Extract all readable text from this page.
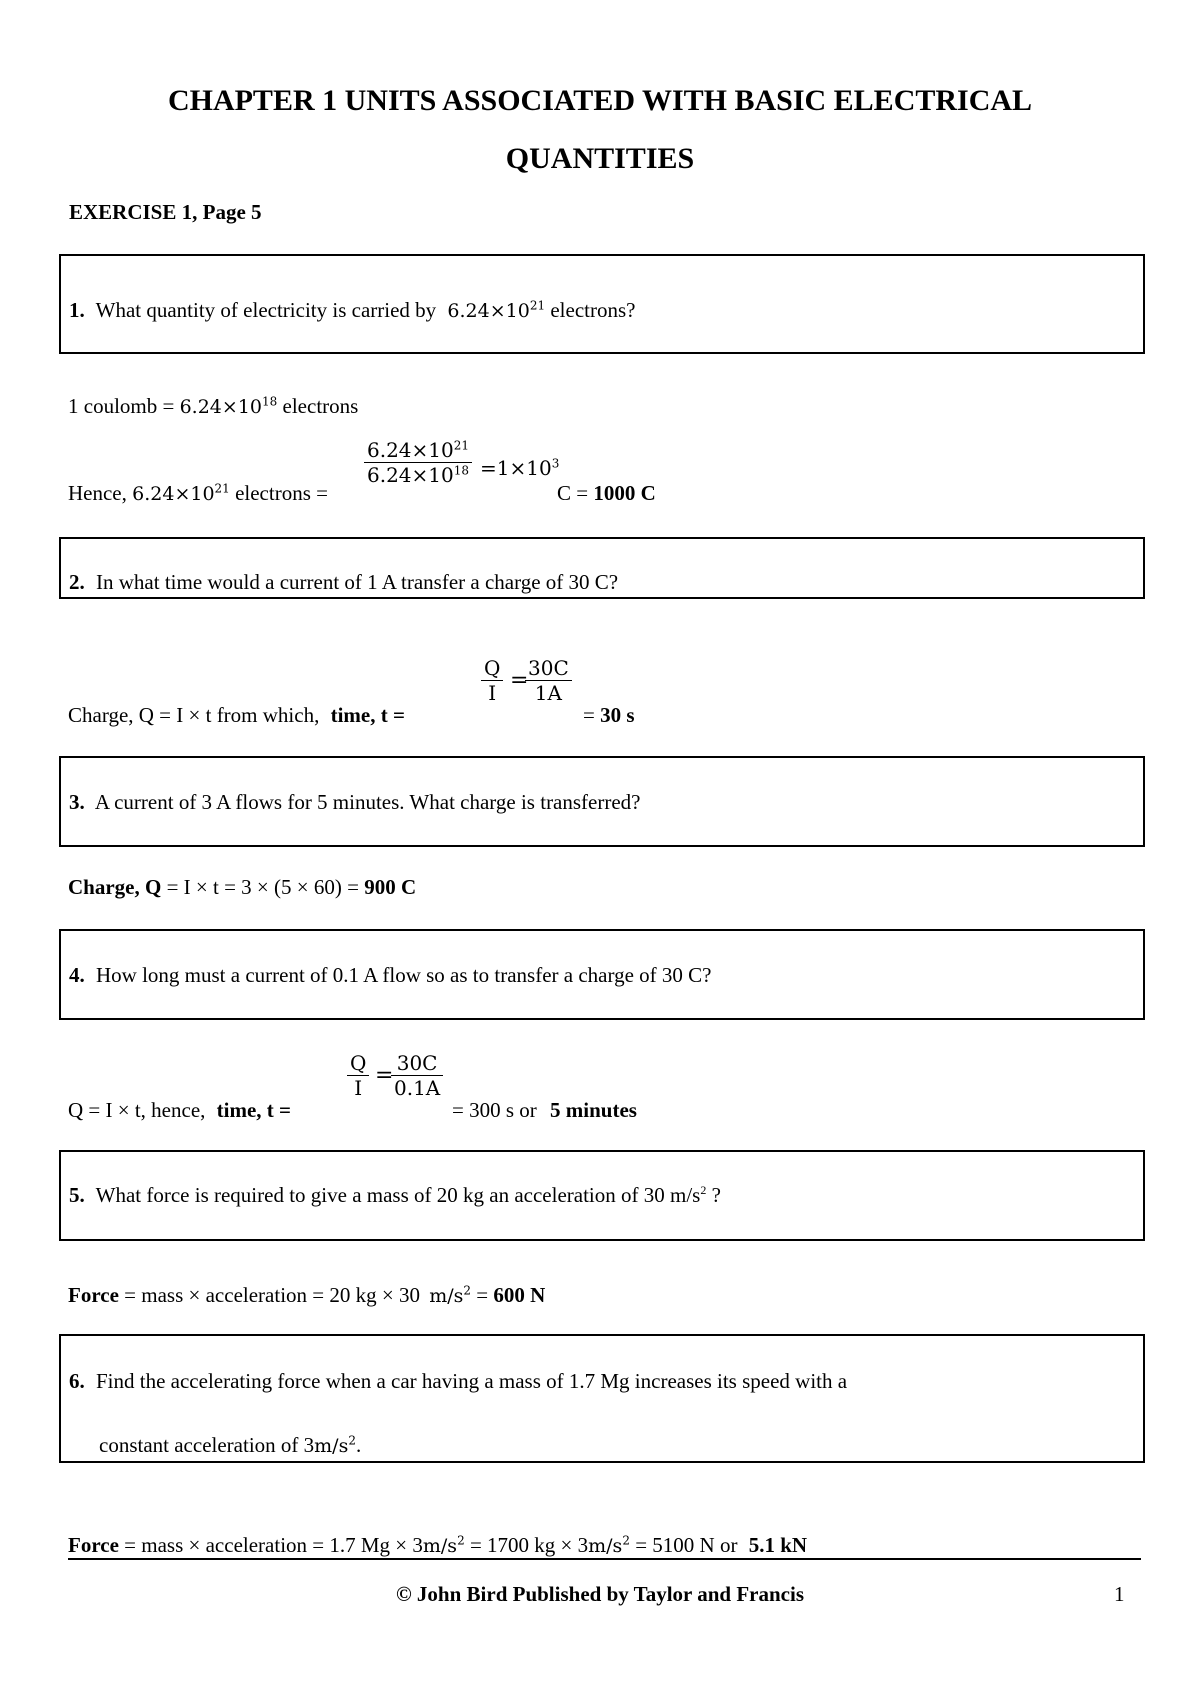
CHAPTER 1 UNITS ASSOCIATED WITH BASIC ELECTRICAL
QUANTITIES
EXERCISE 1, Page 5
1. What quantity of electricity is carried by $6.24\times 10^{21}$ electrons?
1 coulomb = $6.24\times 10^{18}$ electrons
$\frac{6.24\times 10^{21}}{6.24\times 10^{18}} =1\times 10^3$
Hence, $6.24\times 10^{21}$ electrons =	C = 1000 C
2. In what time would a current of 1 A transfer a charge of 30 C?
Charge, Q = I × t from which, time, t =
$\frac{Q}{I}$ =
$\frac{30C}{1A}$
= 30 s
3. A current of 3 A flows for 5 minutes. What charge is transferred?
Charge, Q = I × t = 3 × (5 × 60) = 900 C
4. How long must a current of 0.1 A flow so as to transfer a charge of 30 C?
Q = I × t, hence, time, t =
$\frac{Q}{I}$ =
$\frac{30C}{0.1A}$
= 300 s or 5 minutes
5. What force is required to give a mass of 20 kg an acceleration of 30 $m/s^2$ ?
Force = mass × acceleration = 20 kg × 30 $m/s^2 = 600$ N
6. Find the accelerating force when a car having a mass of 1.7 Mg increases its speed with a
constant acceleration of $3m/s^2$.
Force = mass × acceleration = 1.7 $Mg \times 3m/s^2 = 1700$ kg × $3m/s^2 = 5100$ N or 5.1 kN
© John Bird Published by Taylor and Francis	1
